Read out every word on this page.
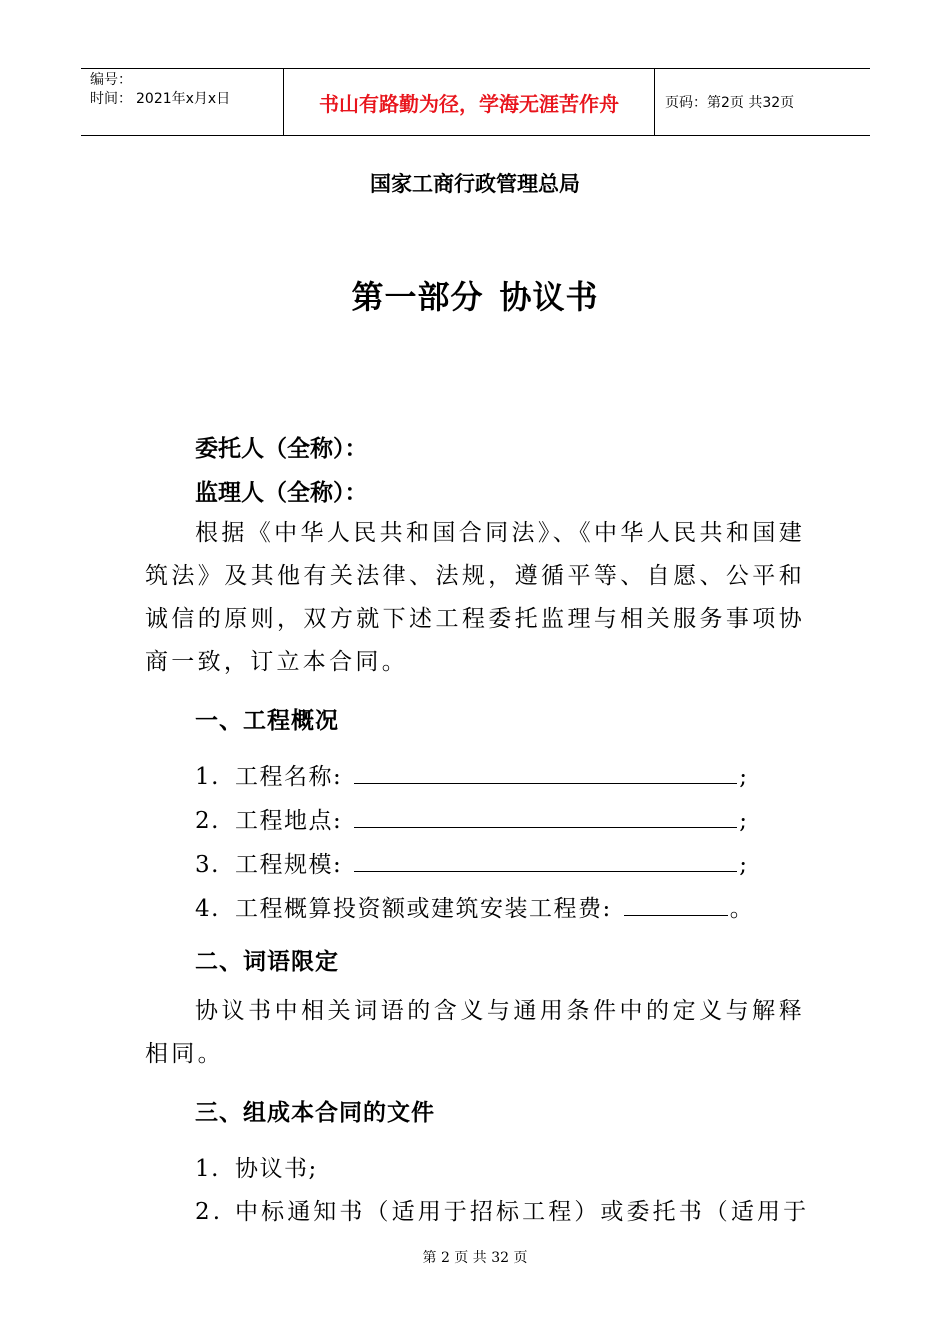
编号：
时间： 2021年x月x日	书山有路勤为径，学海无涯苦作舟	页码：第2页 共32页
国家工商行政管理总局
第一部分 协议书
委托人（全称）：
监理人（全称）：
根据《中华人民共和国合同法》、《中华人民共和国建筑法》及其他有关法律、法规，遵循平等、自愿、公平和诚信的原则，双方就下述工程委托监理与相关服务事项协商一致，订立本合同。
一、工程概况
1. 工程名称:	;
2. 工程地点:	;
3. 工程规模:	;
4. 工程概算投资额或建筑安装工程费:	。
二、词语限定
协议书中相关词语的含义与通用条件中的定义与解释相同。
三、组成本合同的文件
1. 协议书;
2. 中标通知书（适用于招标工程）或委托书（适用于
第 2 页 共 32 页
